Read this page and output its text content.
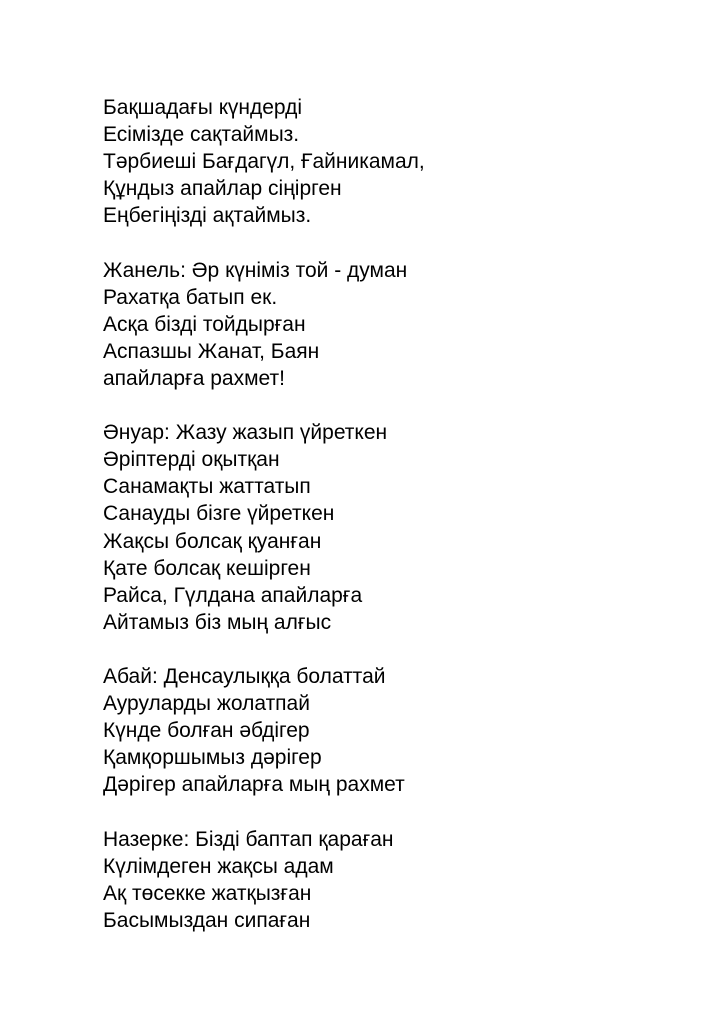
Бақшадағы күндерді
Есімізде сақтаймыз.
Тәрбиеші Бағдагүл, Ғайникамал,
Құндыз апайлар сіңірген
Еңбегіңізді ақтаймыз.
Жанель: Әр күніміз той - думан
Рахатқа батып ек.
Асқа бізді тойдырған
Аспазшы Жанат, Баян
апайларға рахмет!
Әнуар: Жазу жазып үйреткен
Әріптерді оқытқан
Санамақты жаттатып
Санауды бізге үйреткен
Жақсы болсақ қуанған
Қате болсақ кешірген
Райса, Гүлдана апайларға
Айтамыз біз мың алғыс
Абай: Денсаулыққа болаттай
Ауруларды жолатпай
Күнде болған әбдігер
Қамқоршымыз дәрігер
Дәрігер апайларға мың рахмет
Назерке: Бізді баптап қараған
Күлімдеген жақсы адам
Ақ төсекке жатқызған
Басымыздан сипаған
